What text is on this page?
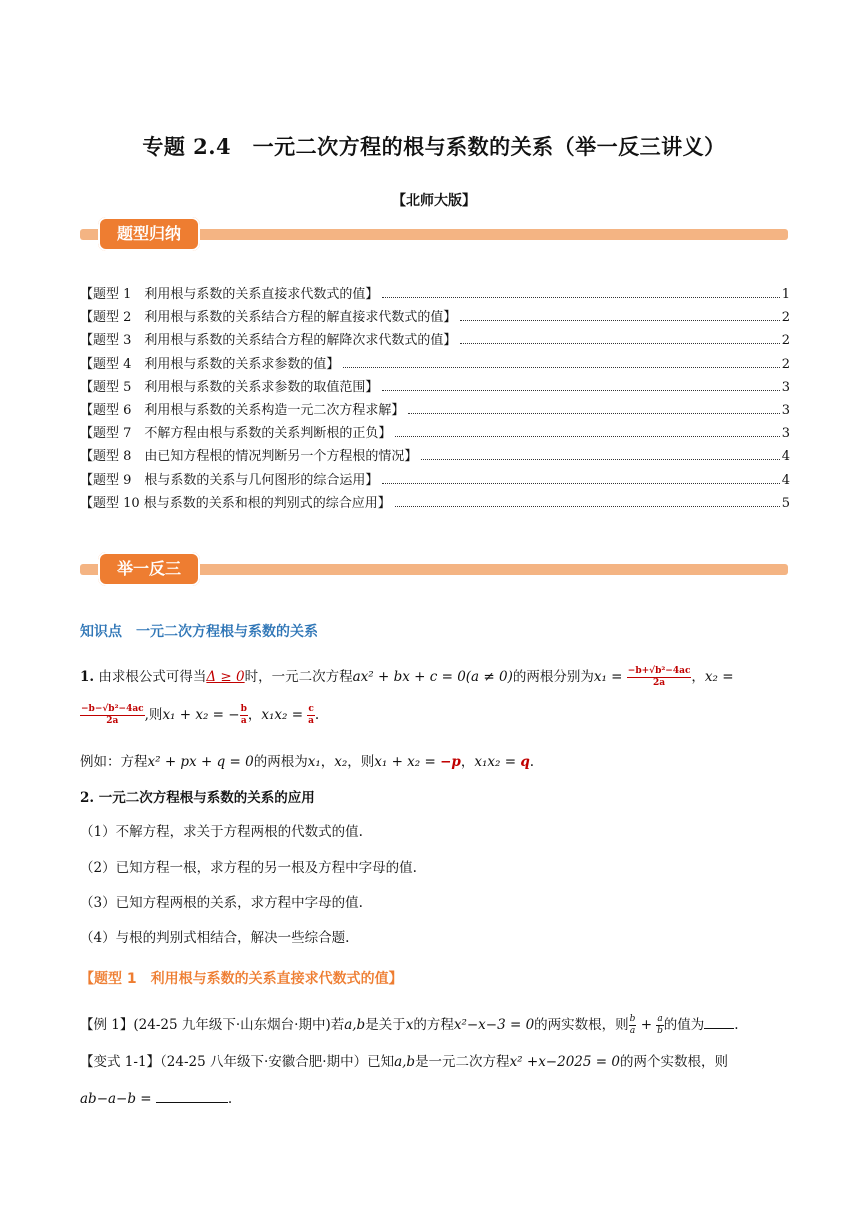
专题 2.4　一元二次方程的根与系数的关系（举一反三讲义）
【北师大版】
题型归纳
【题型 1　利用根与系数的关系直接求代数式的值】	1
【题型 2　利用根与系数的关系结合方程的解直接求代数式的值】	2
【题型 3　利用根与系数的关系结合方程的解降次求代数式的值】	2
【题型 4　利用根与系数的关系求参数的值】	2
【题型 5　利用根与系数的关系求参数的取值范围】	3
【题型 6　利用根与系数的关系构造一元二次方程求解】	3
【题型 7　不解方程由根与系数的关系判断根的正负】	3
【题型 8　由已知方程根的情况判断另一个方程根的情况】	4
【题型 9　根与系数的关系与几何图形的综合运用】	4
【题型 10 根与系数的关系和根的判别式的综合应用】	5
举一反三
知识点　一元二次方程根与系数的关系
1. 由求根公式可得当Δ ≥ 0时，一元二次方程ax² + bx + c = 0(a ≠ 0)的两根分别为$x_1 = \frac{\text{−b+√b²−4ac}}{2a}$ ，x₂ =
$\frac{\text{−b−√b²−4ac}}{2a}$ ,则x₁ + x₂ = − $\frac{b}{a}$ ，$x_1x_2 = \frac{c}{a}$ .
例如：方程x² + px + q = 0的两根为x₁，x₂，则x₁ + x₂ = −p，x₁x₂ = q.
2. 一元二次方程根与系数的关系的应用
（1）不解方程，求关于方程两根的代数式的值.
（2）已知方程一根，求方程的另一根及方程中字母的值.
（3）已知方程两根的关系，求方程中字母的值.
（4）与根的判别式相结合，解决一些综合题.
【题型 1　利用根与系数的关系直接求代数式的值】
【例 1】(24-25 九年级下·山东烟台·期中)若a,b是关于x的方程x²−x−3 = 0的两实数根，则 $\frac{b}{a} + \frac{a}{b}$ 的值为 .
【变式 1-1】（24-25 八年级下·安徽合肥·期中）已知a,b是一元二次方程x² +x−2025 = 0的两个实数根，则
ab−a−b =	.
